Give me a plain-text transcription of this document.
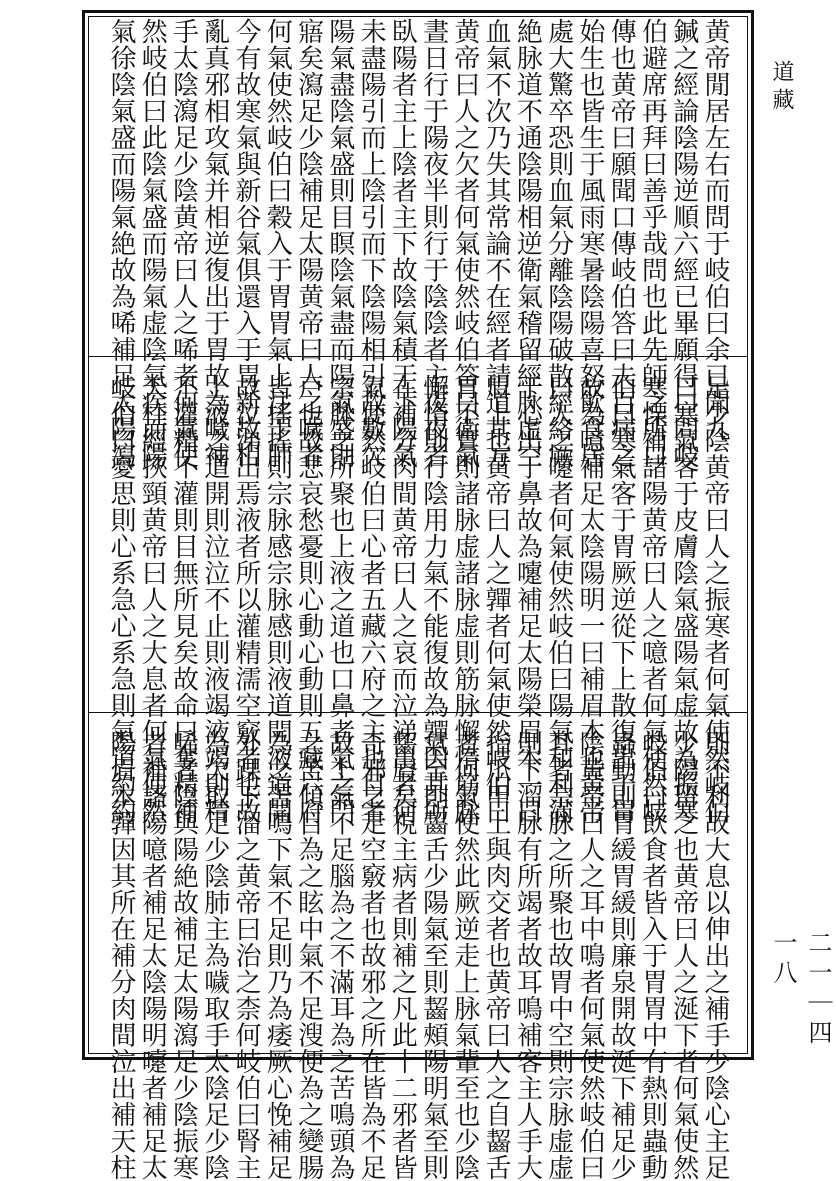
道藏
二一｜四一八
黄帝閒居左右而問于岐伯曰余已聞九
鍼之經論陰陽逆順六經已畢願得口問岐
伯避席再拜曰善乎哉問也此先師之所口
傳也黄帝曰願聞口傳岐伯答曰夫百病之
始生也皆生于風雨寒暑陰陽喜怒飲食居
處大驚卒恐則血氣分離陰陽破散經絡厥
絶脉道不通陰陽相逆衛氣稽留經脉虚空
血氣不次乃失其常論不在經者請道其方
黄帝曰人之欠者何氣使然岐伯答曰衛氣
晝日行于陽夜半則行于陰陰者主夜夜者
臥陽者主上陰者主下故陰氣積于下陽氣
未盡陽引而上陰引而下陰陽相引故數欠
陽氣盡陰氣盛則目瞑陰氣盡而陽氣盛則
寤矣瀉足少陰補足太陽黄帝曰人之噦者
何氣使然岐伯曰穀入于胃胃氣上注于肺
今有故寒氣與新谷氣俱還入于胃新故相
亂真邪相攻氣并相逆復出于胃故為噦補
手太陰瀉足少陰黄帝曰人之唏者何氣使
然岐伯曰此陰氣盛而陽氣虚陰氣疾而陽
氣徐陰氣盛而陽氣絶故為唏補足太陽瀉
足少陰黄帝曰人之振寒者何氣使然岐伯
曰寒氣客于皮膚陰氣盛陽氣虚故為振寒
寒慄補諸陽黄帝曰人之噫者何氣使然岐
伯曰寒氣客于胃厥逆從下上散復出于胃
故為噫補足太陰陽明一曰補眉本也黄帝
曰人之嚔者何氣使然岐伯曰陽氣和利滿
于心出于鼻故為嚔補足太陽榮眉本一曰
眉上也黄帝曰人之嚲者何氣使然岐伯曰
胃不實則諸脉虚諸脉虚則筋脉懈惰筋脉
懈惰則行陰用力氣不能復故為嚲因其所
在補分肉間黄帝曰人之哀而泣涕出者何
氣使然岐伯曰心者五藏六府之主也目者
宗脉之所聚也上液之道也口鼻者氣之門
戸也故悲哀愁憂則心動心動則五藏六府
皆搖搖則宗脉感宗脉感則液道開液道開
故泣涕出焉液者所以灌精濡空竅者也故
上液之道開則泣泣不止則液竭液竭則精
不灌精不灌則目無所見矣故命曰奪精補
天柱經挾頸黄帝曰人之大息者何氣使然
岐伯曰憂思則心系急心系急則氣道約約
則不利故大息以伸出之補手少陰心主足
少陽留之也黄帝曰人之涎下者何氣使然
岐伯曰飲食者皆入于胃胃中有熱則蟲動
蟲動則胃緩胃緩則廉泉開故涎下補足少
陰黄帝曰人之耳中鳴者何氣使然岐伯曰
耳者宗脉之所聚也故胃中空則宗脉虚虚
則下溜脉有所竭者故耳鳴補客主人手大
指爪甲上與肉交者也黄帝曰人之自齧舌
者何氣使然此厥逆走上脉氣輩至也少陰
氣至則齧舌少陽氣至則齧頰陽明氣至則
齧脣矣視主病者則補之凡此十二邪者皆
奇邪之走空竅者也故邪之所在皆為不足
故上氣不足腦為之不滿耳為之苦鳴頭為
之苦傾目為之眩中氣不足溲便為之變腸
為之苦鳴下氣不足則乃為痿厥心悗補足
外踝下溜之黄帝曰治之柰何岐伯曰腎主
為欠取足少陰肺主為噦取手太陰足少陰
唏者陰與陽絶故補足太陽瀉足少陰振寒
者補諸陽噫者補足太陰陽明嚔者補足太
陽眉本嚲因其所在補分肉間泣出補天柱
